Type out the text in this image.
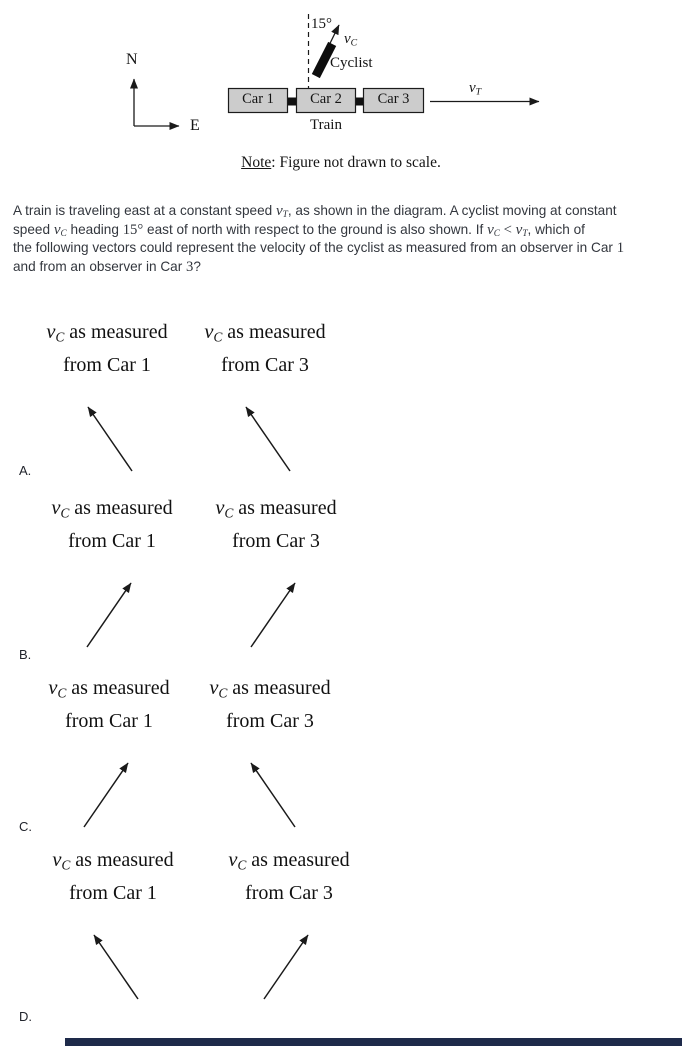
N
E
Car 1	Car 2	Car 3
Train
$v_T$
15°
$v_C$
Cyclist
Note: Figure not drawn to scale.
A train is traveling east at a constant speed $v_T$, as shown in the diagram. A cyclist moving at constant
speed $v_C$ heading 15° east of north with respect to the ground is also shown. If $v_C < v_T$, which of
the following vectors could represent the velocity of the cyclist as measured from an observer in Car 1
and from an observer in Car 3?
$v_C$ as measured
from Car 1
$v_C$ as measured
from Car 3
A.
$v_C$ as measured
from Car 1
$v_C$ as measured
from Car 3
B.
$v_C$ as measured
from Car 1
$v_C$ as measured
from Car 3
C.
$v_C$ as measured
from Car 1
$v_C$ as measured
from Car 3
D.
